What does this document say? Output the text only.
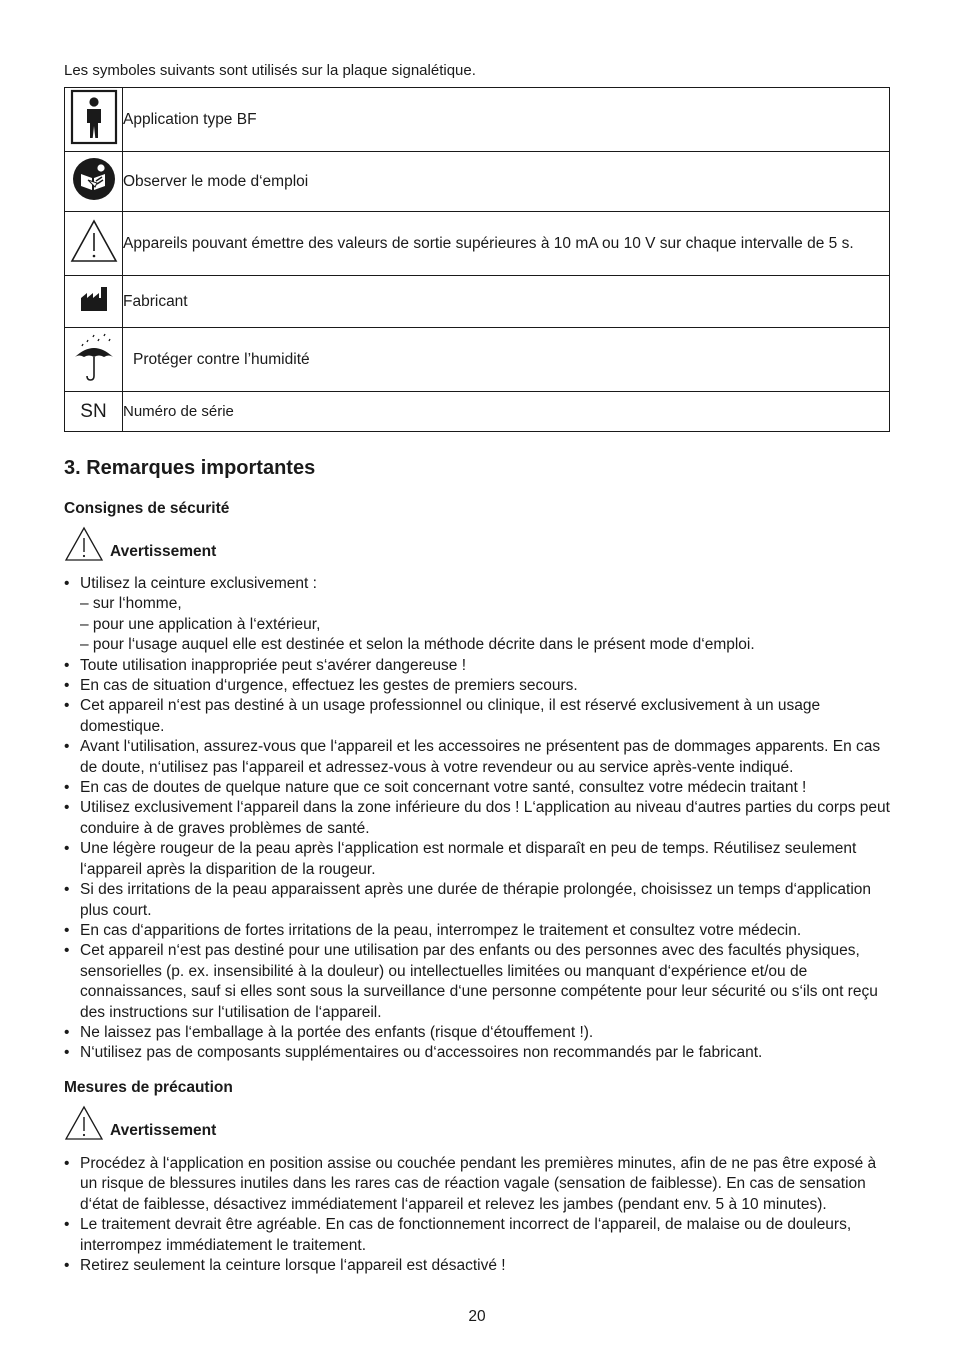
Les symboles suivants sont utilisés sur la plaque signalétique.
	Application type BF
	Observer le mode d‘emploi
	Appareils pouvant émettre des valeurs de sortie supérieures à 10 mA ou 10 V sur chaque intervalle de 5 s.
	Fabricant
	Protéger contre l’humidité
SN	Numéro de série
3. Remarques importantes
Consignes de sécurité
Avertissement
• Utilisez la ceinture exclusivement :
– sur l‘homme,
– pour une application à l‘extérieur,
– pour l‘usage auquel elle est destinée et selon la méthode décrite dans le présent mode d‘emploi.
• Toute utilisation inappropriée peut s‘avérer dangereuse !
• En cas de situation d‘urgence, effectuez les gestes de premiers secours.
• Cet appareil n‘est pas destiné à un usage professionnel ou clinique, il est réservé exclusivement à un usage domestique.
• Avant l‘utilisation, assurez-vous que l‘appareil et les accessoires ne présentent pas de dommages apparents. En cas de doute, n‘utilisez pas l‘appareil et adressez-vous à votre revendeur ou au service après-vente indiqué.
• En cas de doutes de quelque nature que ce soit concernant votre santé, consultez votre médecin traitant !
• Utilisez exclusivement l‘appareil dans la zone inférieure du dos ! L‘application au niveau d‘autres parties du corps peut conduire à de graves problèmes de santé.
• Une légère rougeur de la peau après l‘application est normale et disparaît en peu de temps. Réutilisez seulement l‘appareil après la disparition de la rougeur.
• Si des irritations de la peau apparaissent après une durée de thérapie prolongée, choisissez un temps d‘application plus court.
• En cas d‘apparitions de fortes irritations de la peau, interrompez le traitement et consultez votre médecin.
• Cet appareil n‘est pas destiné pour une utilisation par des enfants ou des personnes avec des facultés physiques, sensorielles (p. ex. insensibilité à la douleur) ou intellectuelles limitées ou manquant d‘expérience et/ou de connaissances, sauf si elles sont sous la surveillance d‘une personne compétente pour leur sécurité ou s‘ils ont reçu des instructions sur l‘utilisation de l‘appareil.
• Ne laissez pas l‘emballage à la portée des enfants (risque d‘étouffement !).
• N‘utilisez pas de composants supplémentaires ou d‘accessoires non recommandés par le fabricant.
Mesures de précaution
Avertissement
• Procédez à l‘application en position assise ou couchée pendant les premières minutes, afin de ne pas être exposé à un risque de blessures inutiles dans les rares cas de réaction vagale (sensation de faiblesse). En cas de sensation d‘état de faiblesse, désactivez immédiatement l‘appareil et relevez les jambes (pendant env. 5 à 10 minutes).
• Le traitement devrait être agréable. En cas de fonctionnement incorrect de l‘appareil, de malaise ou de douleurs, interrompez immédiatement le traitement.
• Retirez seulement la ceinture lorsque l‘appareil est désactivé !
20
